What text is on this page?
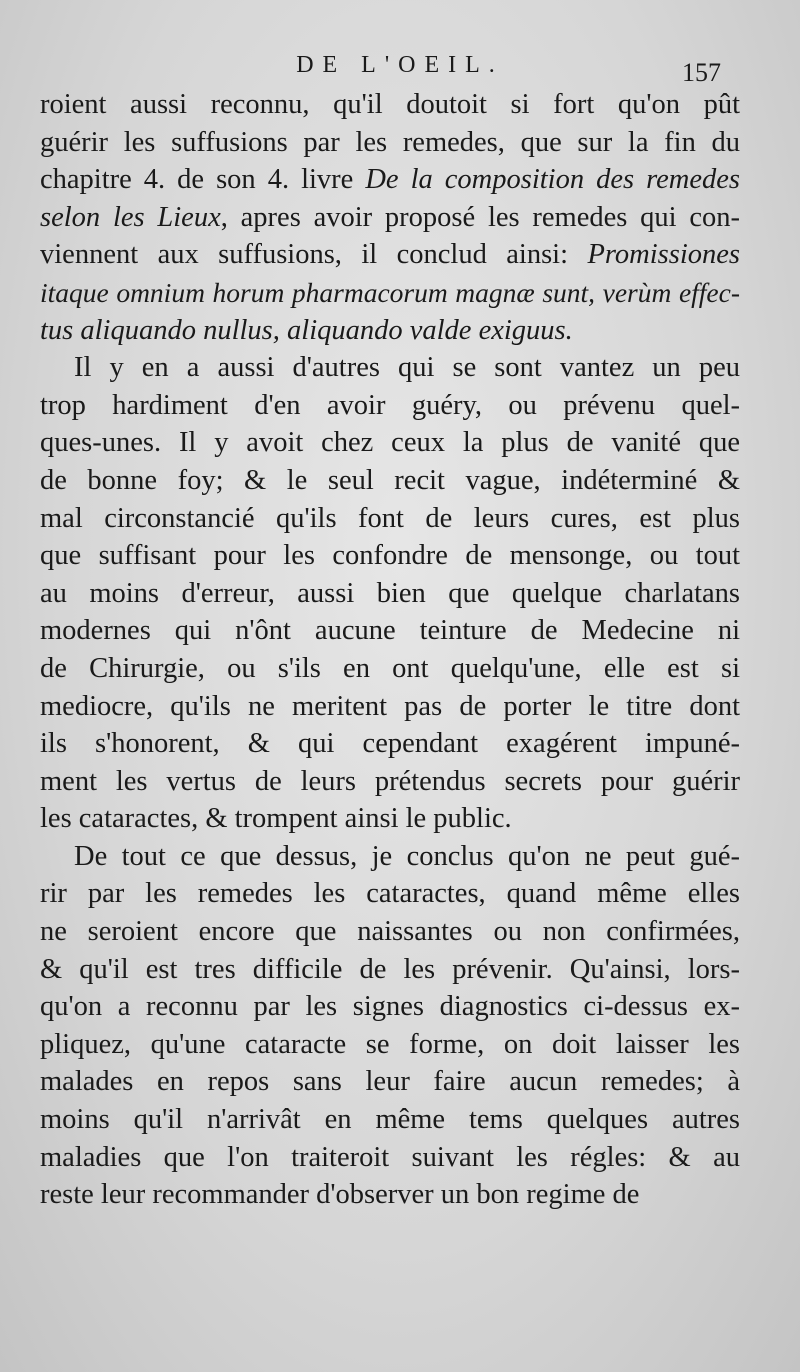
DE L'OEIL.	157
roient aussi reconnu, qu'il doutoit si fort qu'on pût
guérir les suffusions par les remedes, que sur la fin du
chapitre 4. de son 4. livre De la composition des remedes
selon les Lieux, apres avoir proposé les remedes qui con-
viennent aux suffusions, il conclud ainsi: Promissiones
itaque omnium horum pharmacorum magnæ sunt, verùm effec-
tus aliquando nullus, aliquando valde exiguus.
Il y en a aussi d'autres qui se sont vantez un peu
trop hardiment d'en avoir guéry, ou prévenu quel-
ques-unes. Il y avoit chez ceux la plus de vanité que
de bonne foy; & le seul recit vague, indéterminé &
mal circonstancié qu'ils font de leurs cures, est plus
que suffisant pour les confondre de mensonge, ou tout
au moins d'erreur, aussi bien que quelque charlatans
modernes qui n'ônt aucune teinture de Medecine ni
de Chirurgie, ou s'ils en ont quelqu'une, elle est si
mediocre, qu'ils ne meritent pas de porter le titre dont
ils s'honorent, & qui cependant exagérent impuné-
ment les vertus de leurs prétendus secrets pour guérir
les cataractes, & trompent ainsi le public.
De tout ce que dessus, je conclus qu'on ne peut gué-
rir par les remedes les cataractes, quand même elles
ne seroient encore que naissantes ou non confirmées,
& qu'il est tres difficile de les prévenir. Qu'ainsi, lors-
qu'on a reconnu par les signes diagnostics ci-dessus ex-
pliquez, qu'une cataracte se forme, on doit laisser les
malades en repos sans leur faire aucun remedes; à
moins qu'il n'arrivât en même tems quelques autres
maladies que l'on traiteroit suivant les régles: & au
reste leur recommander d'observer un bon regime de
